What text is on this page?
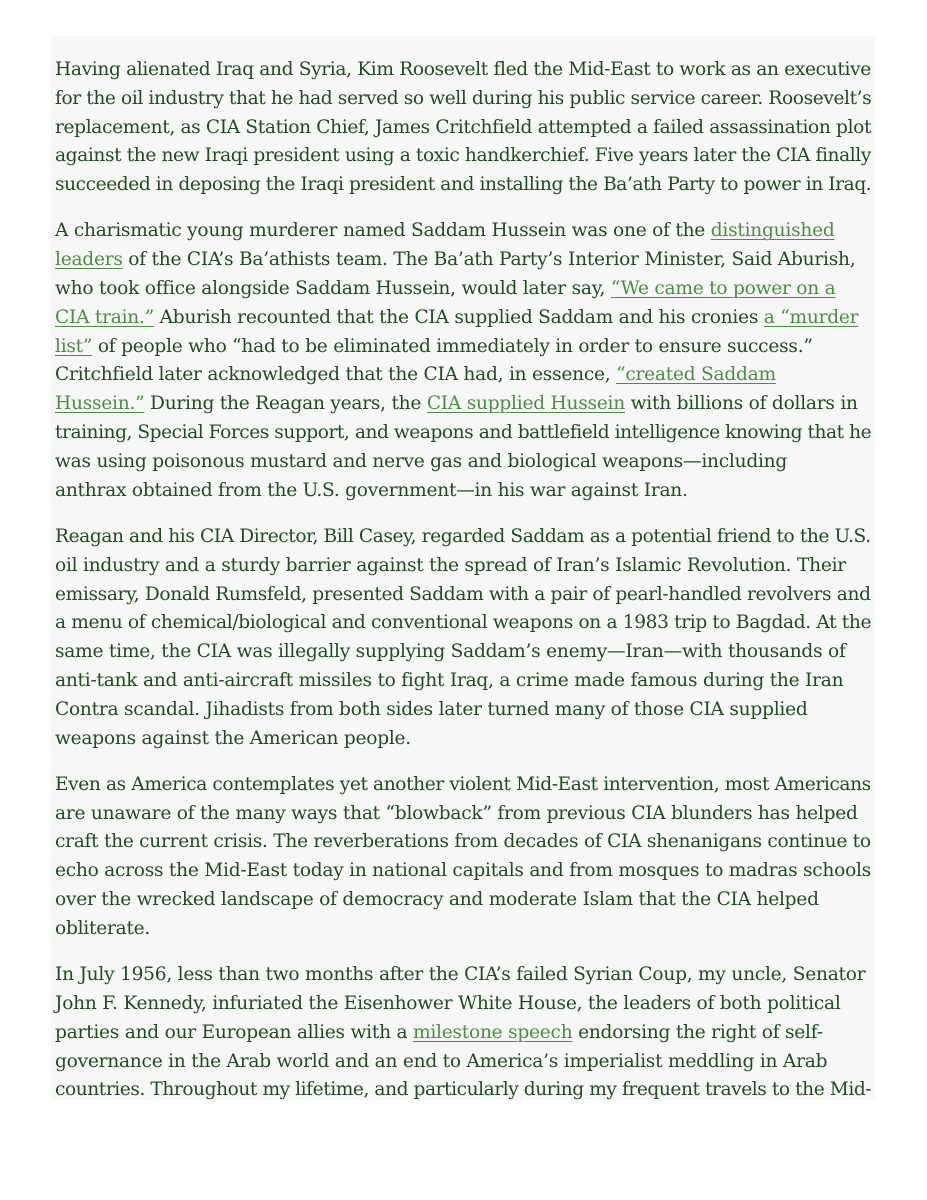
Having alienated Iraq and Syria, Kim Roosevelt fled the Mid-East to work as an executive
for the oil industry that he had served so well during his public service career. Roosevelt’s
replacement, as CIA Station Chief, James Critchfield attempted a failed assassination plot
against the new Iraqi president using a toxic handkerchief. Five years later the CIA finally
succeeded in deposing the Iraqi president and installing the Ba’ath Party to power in Iraq.

A charismatic young murderer named Saddam Hussein was one of the distinguished
leaders of the CIA’s Ba’athists team. The Ba’ath Party’s Interior Minister, Said Aburish,
who took office alongside Saddam Hussein, would later say, “We came to power on a
CIA train.” Aburish recounted that the CIA supplied Saddam and his cronies a “murder
list” of people who “had to be eliminated immediately in order to ensure success.”
Critchfield later acknowledged that the CIA had, in essence, “created Saddam
Hussein.” During the Reagan years, the CIA supplied Hussein with billions of dollars in
training, Special Forces support, and weapons and battlefield intelligence knowing that he
was using poisonous mustard and nerve gas and biological weapons—including
anthrax obtained from the U.S. government—in his war against Iran.

Reagan and his CIA Director, Bill Casey, regarded Saddam as a potential friend to the U.S.
oil industry and a sturdy barrier against the spread of Iran’s Islamic Revolution. Their
emissary, Donald Rumsfeld, presented Saddam with a pair of pearl-handled revolvers and
a menu of chemical/biological and conventional weapons on a 1983 trip to Bagdad. At the
same time, the CIA was illegally supplying Saddam’s enemy—Iran—with thousands of
anti-tank and anti-aircraft missiles to fight Iraq, a crime made famous during the Iran
Contra scandal. Jihadists from both sides later turned many of those CIA supplied
weapons against the American people.

Even as America contemplates yet another violent Mid-East intervention, most Americans
are unaware of the many ways that “blowback” from previous CIA blunders has helped
craft the current crisis. The reverberations from decades of CIA shenanigans continue to
echo across the Mid-East today in national capitals and from mosques to madras schools
over the wrecked landscape of democracy and moderate Islam that the CIA helped
obliterate.

In July 1956, less than two months after the CIA’s failed Syrian Coup, my uncle, Senator
John F. Kennedy, infuriated the Eisenhower White House, the leaders of both political
parties and our European allies with a milestone speech endorsing the right of self-
governance in the Arab world and an end to America’s imperialist meddling in Arab
countries. Throughout my lifetime, and particularly during my frequent travels to the Mid-
